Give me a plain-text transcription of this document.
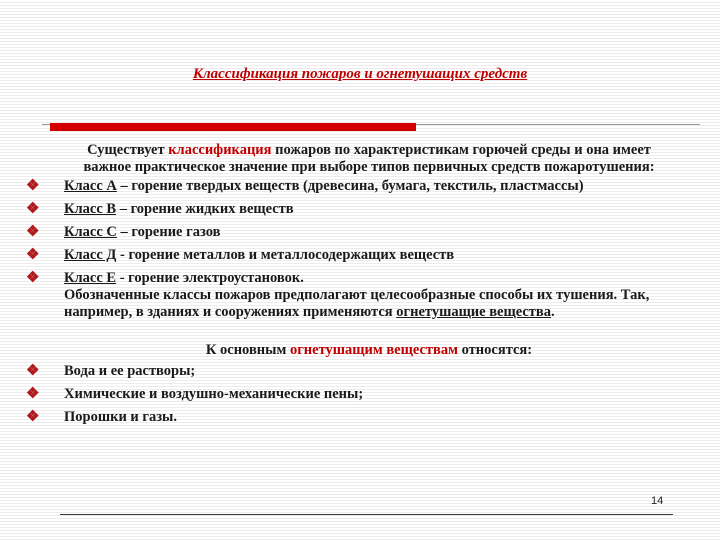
Классификация пожаров и огнетушащих средств
Существует классификация пожаров по характеристикам горючей среды и она имеет важное практическое значение при выборе типов первичных средств пожаротушения:
❖ Класс А – горение твердых веществ (древесина, бумага, текстиль, пластмассы)
❖ Класс В – горение жидких веществ
❖ Класс С – горение газов
❖ Класс Д - горение металлов и металлосодержащих веществ
❖ Класс Е - горение электроустановок.
Обозначенные классы пожаров предполагают целесообразные способы их тушения. Так, например, в зданиях и сооружениях применяются огнетушащие вещества.
К основным огнетушащим веществам относятся:
❖ Вода и ее растворы;
❖ Химические и воздушно-механические пены;
❖ Порошки и газы.
14
